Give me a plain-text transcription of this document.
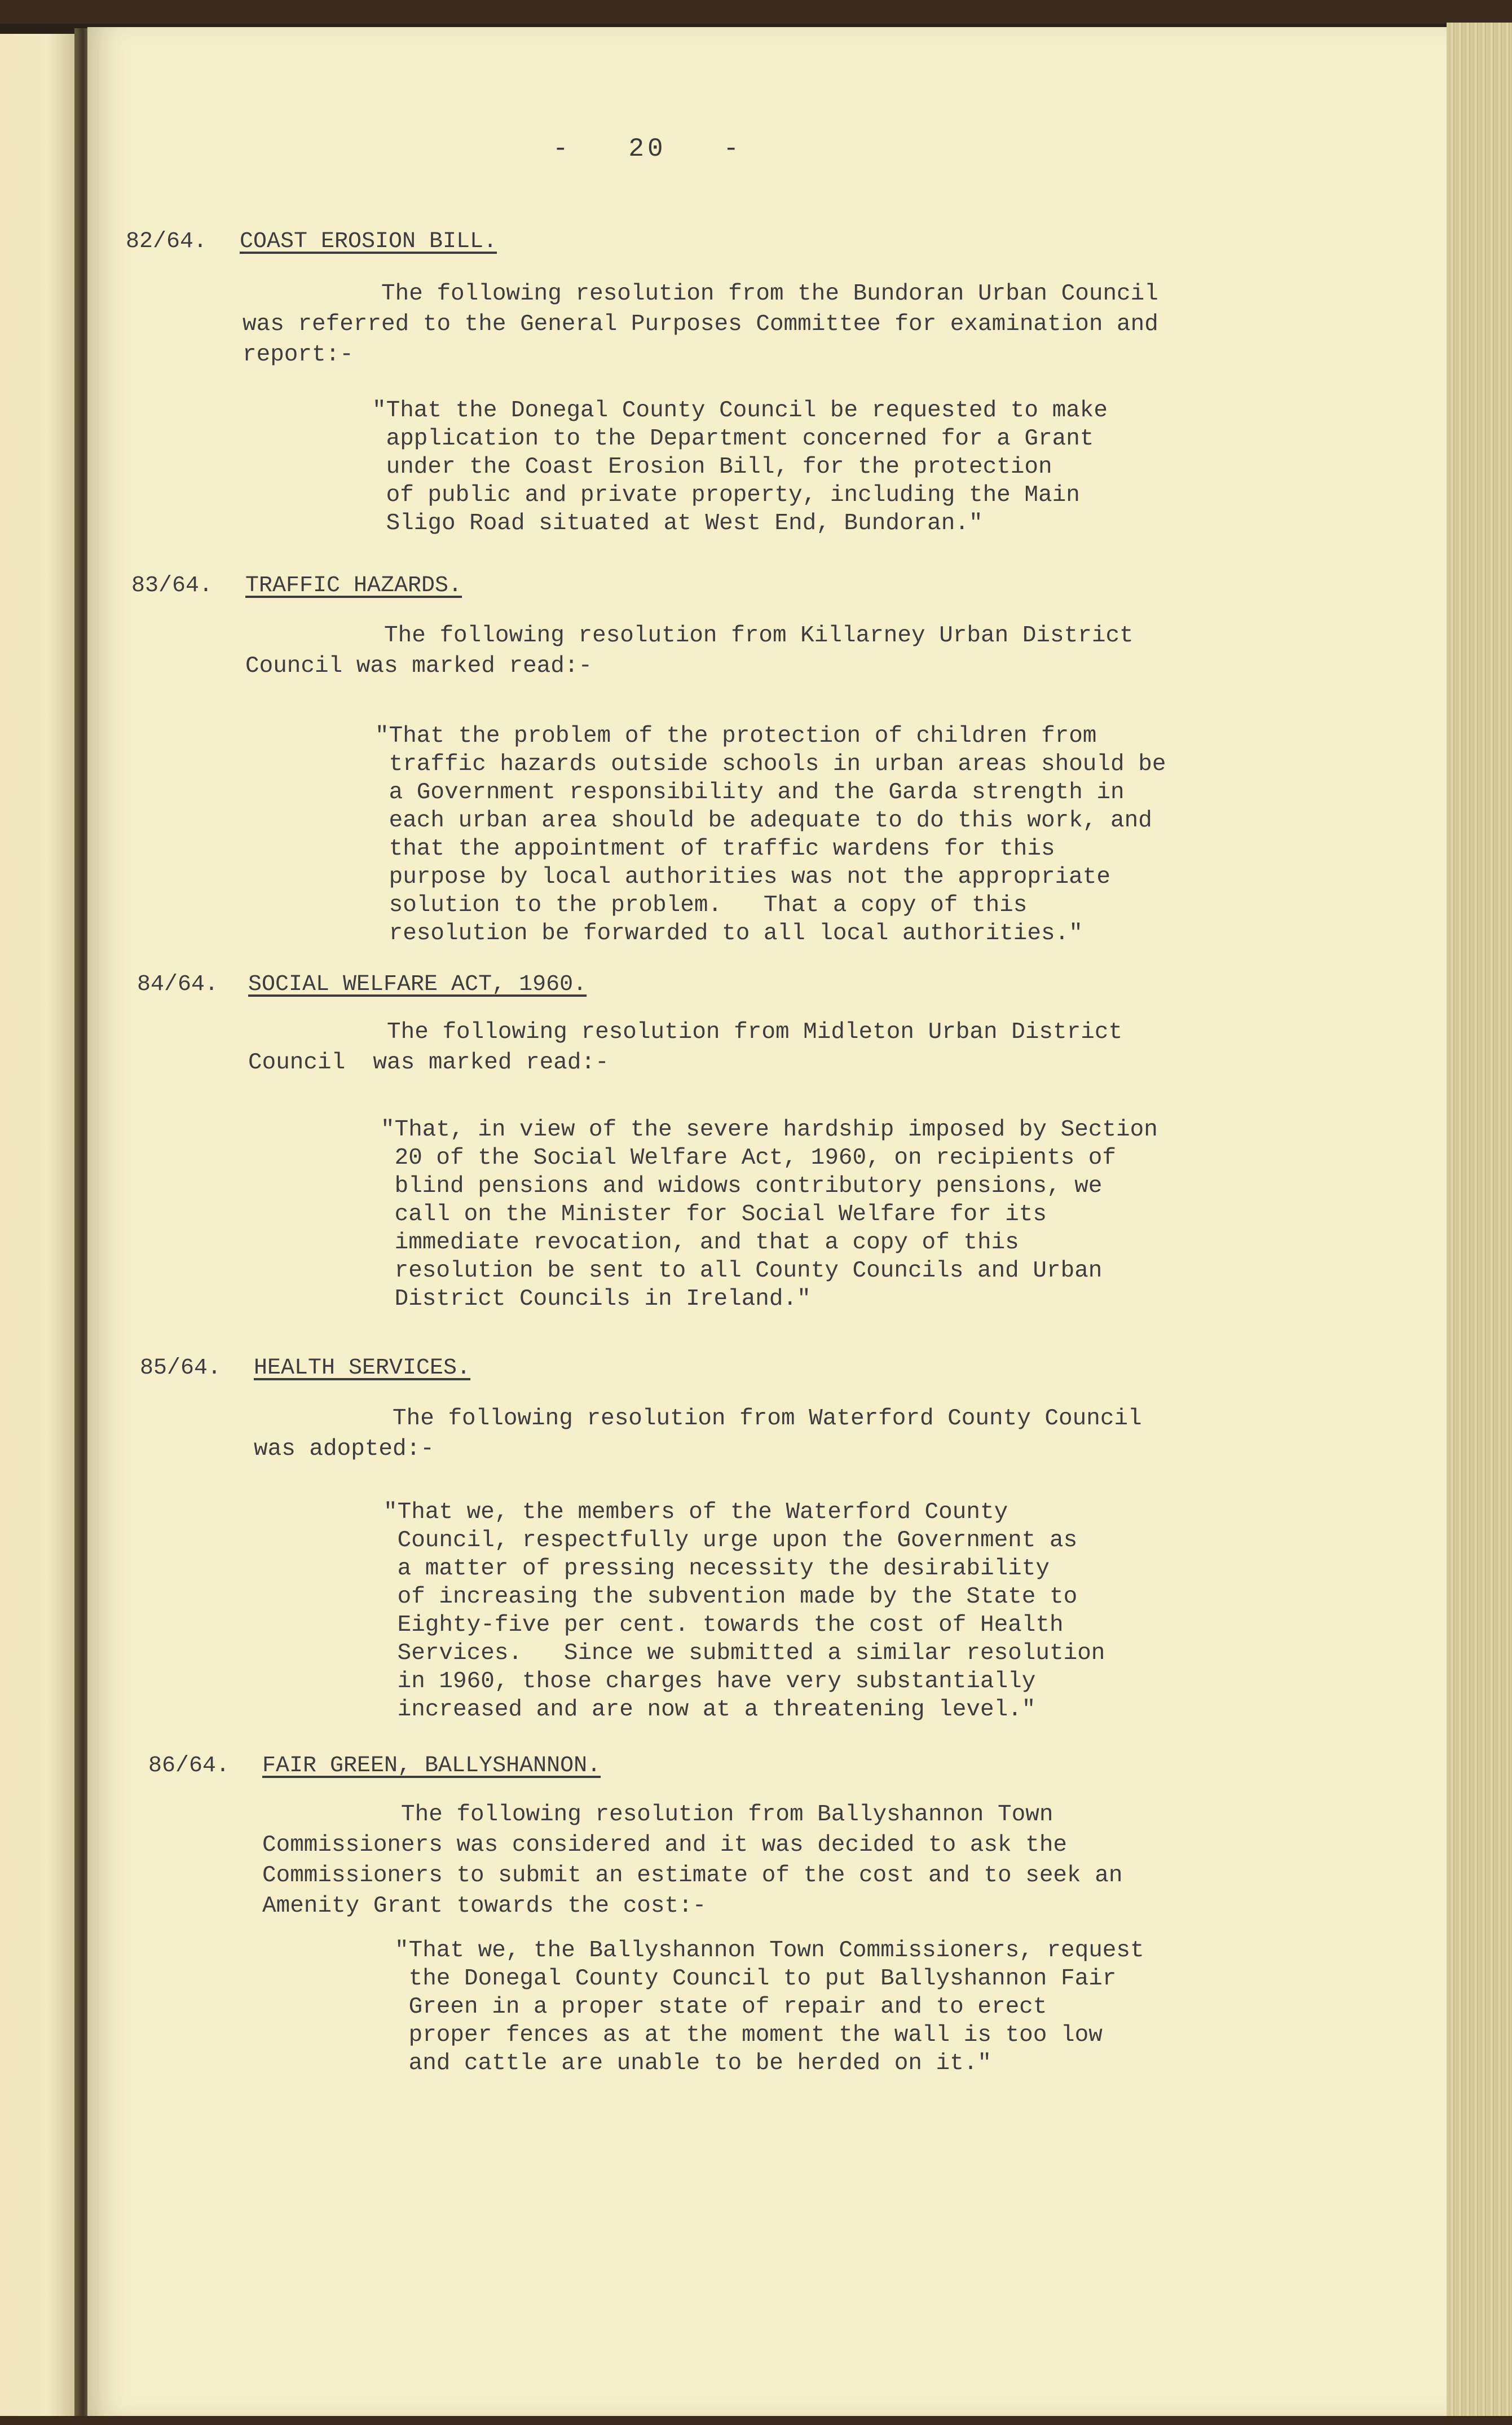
-   20   -
82/64. COAST EROSION BILL.
The following resolution from the Bundoran Urban Council
was referred to the General Purposes Committee for examination and
report:-
"That the Donegal County Council be requested to make
application to the Department concerned for a Grant
under the Coast Erosion Bill, for the protection
of public and private property, including the Main
Sligo Road situated at West End, Bundoran."
83/64. TRAFFIC HAZARDS.
The following resolution from Killarney Urban District
Council was marked read:-
"That the problem of the protection of children from
traffic hazards outside schools in urban areas should be
a Government responsibility and the Garda strength in
each urban area should be adequate to do this work, and
that the appointment of traffic wardens for this
purpose by local authorities was not the appropriate
solution to the problem.   That a copy of this
resolution be forwarded to all local authorities."
84/64. SOCIAL WELFARE ACT, 1960.
The following resolution from Midleton Urban District
Council  was marked read:-
"That, in view of the severe hardship imposed by Section
20 of the Social Welfare Act, 1960, on recipients of
blind pensions and widows contributory pensions, we
call on the Minister for Social Welfare for its
immediate revocation, and that a copy of this
resolution be sent to all County Councils and Urban
District Councils in Ireland."
85/64. HEALTH SERVICES.
The following resolution from Waterford County Council
was adopted:-
"That we, the members of the Waterford County
Council, respectfully urge upon the Government as
a matter of pressing necessity the desirability
of increasing the subvention made by the State to
Eighty-five per cent. towards the cost of Health
Services.   Since we submitted a similar resolution
in 1960, those charges have very substantially
increased and are now at a threatening level."
86/64. FAIR GREEN, BALLYSHANNON.
The following resolution from Ballyshannon Town
Commissioners was considered and it was decided to ask the
Commissioners to submit an estimate of the cost and to seek an
Amenity Grant towards the cost:-
"That we, the Ballyshannon Town Commissioners, request
the Donegal County Council to put Ballyshannon Fair
Green in a proper state of repair and to erect
proper fences as at the moment the wall is too low
and cattle are unable to be herded on it."
